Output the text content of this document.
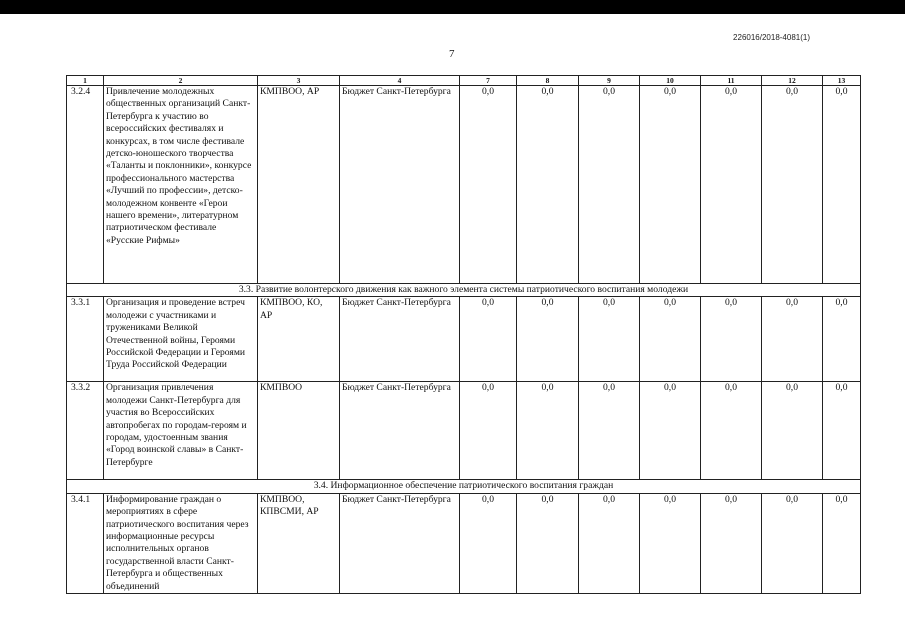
226016/2018-4081(1)
7
1	2	3	4	7	8	9	10	11	12	13
3.2.4	Привлечение молодежных общественных организаций Санкт-Петербурга к участию во всероссийских фестивалях и конкурсах, в том числе фестивале детско-юношеского творчества «Таланты и поклонники», конкурсе профессионального мастерства «Лучший по профессии», детско-молодежном конвенте «Герои нашего времени», литературном патриотическом фестивале «Русские Рифмы»	КМПВОО, АР	Бюджет Санкт-Петербурга	0,0	0,0	0,0	0,0	0,0	0,0	0,0
3.3. Развитие волонтерского движения как важного элемента системы патриотического воспитания молодежи										
3.3.1	Организация и проведение встреч молодежи с участниками и тружениками Великой Отечественной войны, Героями Российской Федерации и Героями Труда Российской Федерации	КМПВОО, КО, АР	Бюджет Санкт-Петербурга	0,0	0,0	0,0	0,0	0,0	0,0	0,0
3.3.2	Организация привлечения молодежи Санкт-Петербурга для участия во Всероссийских автопробегах по городам-героям и городам, удостоенным звания «Город воинской славы» в Санкт-Петербурге	КМПВОО	Бюджет Санкт-Петербурга	0,0	0,0	0,0	0,0	0,0	0,0	0,0
3.4. Информационное обеспечение патриотического воспитания граждан										
3.4.1	Информирование граждан о мероприятиях в сфере патриотического воспитания через информационные ресурсы исполнительных органов государственной власти Санкт-Петербурга и общественных объединений	КМПВОО, КПВСМИ, АР	Бюджет Санкт-Петербурга	0,0	0,0	0,0	0,0	0,0	0,0	0,0
